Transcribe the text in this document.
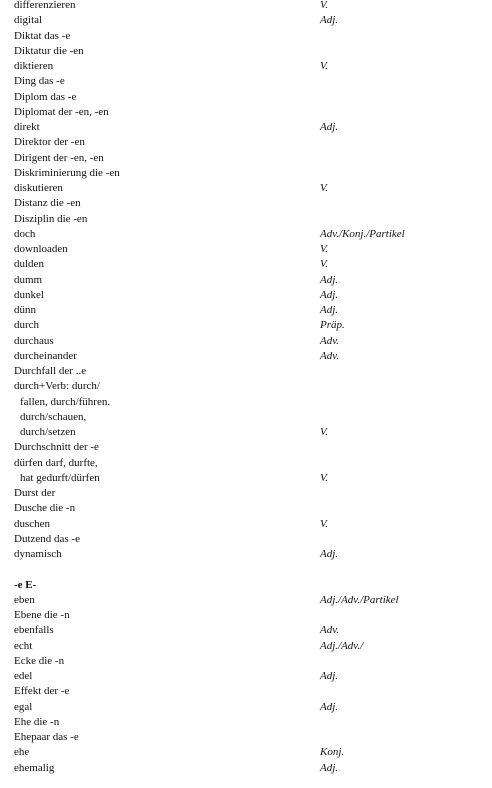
differenzieren	V.
digital	Adj.
Diktat das -e
Diktatur die -en
diktieren	V.
Ding das -e
Diplom das -e
Diplomat der -en, -en
direkt	Adj.
Direktor der -en
Dirigent der -en, -en
Diskriminierung die -en
diskutieren	V.
Distanz die -en
Disziplin die -en
doch	Adv./Konj./Partikel
downloaden	V.
dulden	V.
dumm	Adj.
dunkel	Adj.
dünn	Adj.
durch	Präp.
durchaus	Adv.
durcheinander	Adv.
Durchfall der ..e
durch+Verb: durch/
fallen, durch/führen.
durch/schauen,
durch/setzen	V.
Durchschnitt der -e
dürfen darf, durfte,
hat gedurft/dürfen	V.
Durst der
Dusche die -n
duschen	V.
Dutzend das -e
dynamisch	Adj.
-e E-
eben	Adj./Adv./Partikel
Ebene die -n
ebenfalls	Adv.
echt	Adj./Adv./
Ecke die -n
edel	Adj.
Effekt der -e
egal	Adj.
Ehe die -n
Ehepaar das -e
ehe	Konj.
ehemalig	Adj.
